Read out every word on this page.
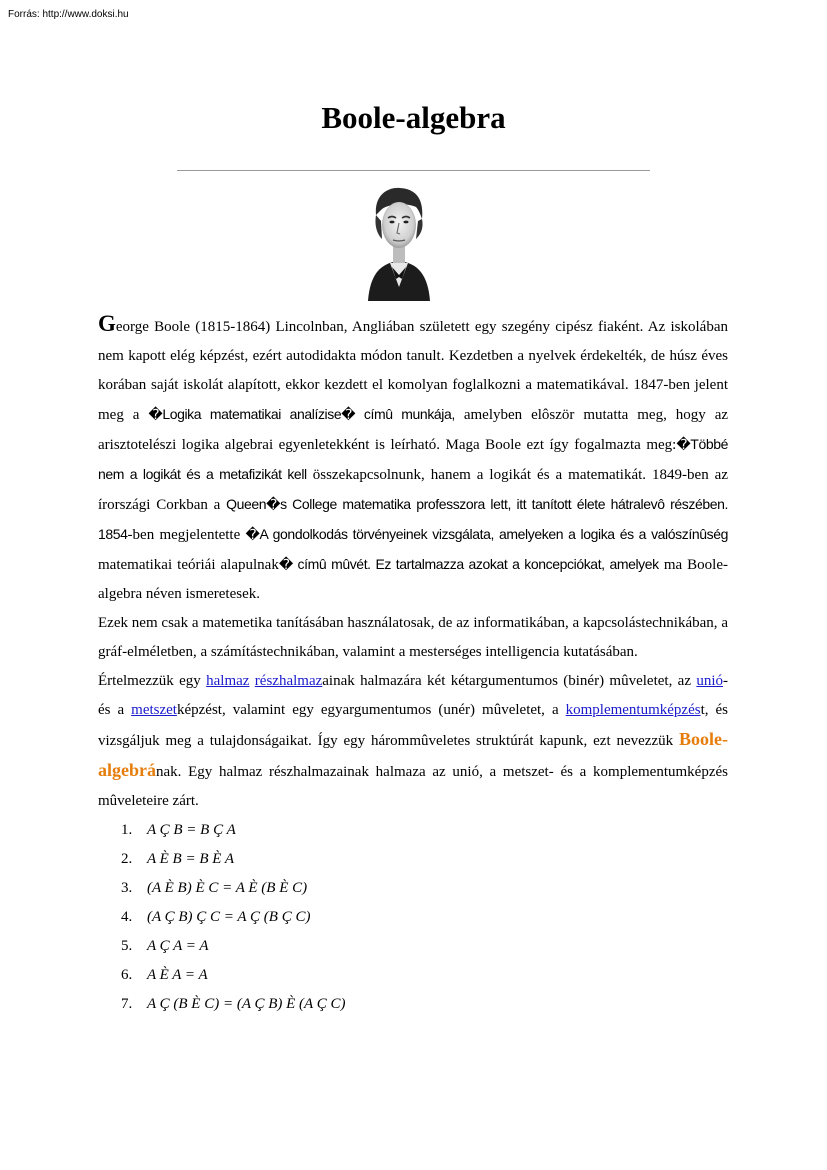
Forrás: http://www.doksi.hu
Boole-algebra

George Boole (1815-1864) Lincolnban, Angliában született egy szegény cipész fiaként. Az iskolában nem kapott elég képzést, ezért autodidakta módon tanult. Kezdetben a nyelvek érdekelték, de húsz éves korában saját iskolát alapított, ekkor kezdett el komolyan foglalkozni a matematikával. 1847-ben jelent meg a �Logika matematikai analízise� címû munkája, amelyben elôször mutatta meg, hogy az arisztotelészi logika algebrai egyenletekként is leírható. Maga Boole ezt így fogalmazta meg:�Többé nem a logikát és a metafizikát kell összekapcsolnunk, hanem a logikát és a matematikát. 1849-ben az írországi Corkban a Queen�s College matematika professzora lett, itt tanított élete hátralevô részében. 1854-ben megjelentette �A gondolkodás törvényeinek vizsgálata, amelyeken a logika és a valószínûség matematikai teóriái alapulnak� címû mûvét. Ez tartalmazza azokat a koncepciókat, amelyek ma Boole-algebra néven ismeretesek.

Ezek nem csak a matemetika tanításában használatosak, de az informatikában, a kapcsolástechnikában, a gráf-elméletben, a számítástechnikában, valamint a mesterséges intelligencia kutatásában.

Értelmezzük egy halmaz részhalmazainak halmazára két kétargumentumos (binér) mûveletet, az unió- és a metszetképzést, valamint egy egyargumentumos (unér) mûveletet, a komplementumképzést, és vizsgáljuk meg a tulajdonságaikat. Így egy hárommûveletes struktúrát kapunk, ezt nevezzük Boole-algebrának. Egy halmaz részhalmazainak halmaza az unió, a metszet- és a komplementumképzés mûveleteire zárt.

1. A Ç B = B Ç A
2. A È B = B È A
3. (A È B) È C = A È (B È C)
4. (A Ç B) Ç C = A Ç (B Ç C)
5. A Ç A = A
6. A È A = A
7. A Ç (B È C) = (A Ç B) È (A Ç C)
